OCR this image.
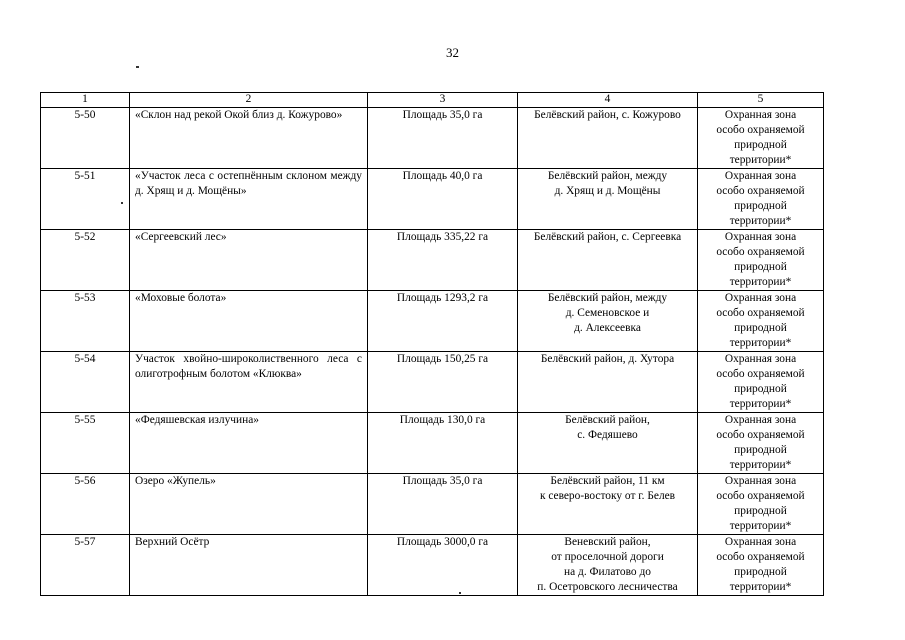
32
1	2	3	4	5
5-50	«Склон над рекой Окой близ д. Кожурово»	Площадь 35,0 га	Белёвский район, с. Кожурово	Охранная зона
особо охраняемой
природной
территории*

5-51	«Участок леса с остепнённым склоном между д. Хрящ и д. Мощёны»	Площадь 40,0 га	Белёвский район, между
д. Хрящ и д. Мощёны	Охранная зона
особо охраняемой
природной
территории*

5-52	«Сергеевский лес»	Площадь 335,22 га	Белёвский район, с. Сергеевка	Охранная зона
особо охраняемой
природной
территории*

5-53	«Моховые болота»	Площадь 1293,2 га	Белёвский район, между
д. Семеновское и
д. Алексеевка	Охранная зона
особо охраняемой
природной
территории*

5-54	Участок хвойно-широколиственного леса с олиготрофным болотом «Клюква»	Площадь 150,25 га	Белёвский район, д. Хутора	Охранная зона
особо охраняемой
природной
территории*

5-55	«Федяшевская излучина»	Площадь 130,0 га	Белёвский район,
с. Федяшево	Охранная зона
особо охраняемой
природной
территории*

5-56	Озеро «Жупель»	Площадь 35,0 га	Белёвский район, 11 км
к северо-востоку от г. Белев	Охранная зона
особо охраняемой
природной
территории*

5-57	Верхний Осётр	Площадь 3000,0 га	Веневский район,
от проселочной дороги
на д. Филатово до
п. Осетровского лесничества	Охранная зона
особо охраняемой
природной
территории*
